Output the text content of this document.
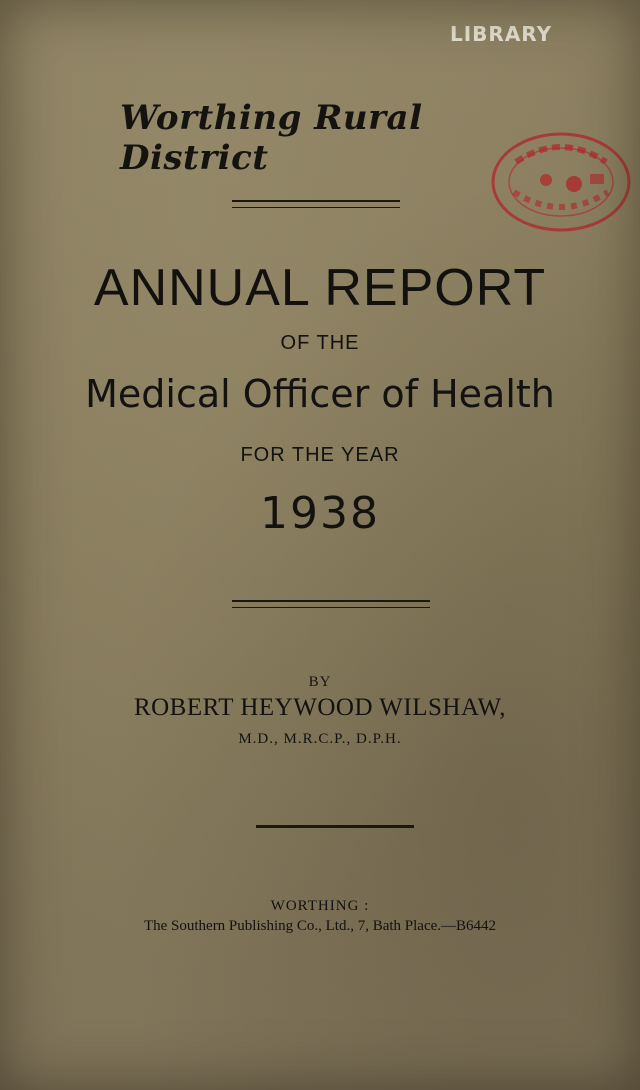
LIBRARY
Worthing Rural District
ANNUAL REPORT
OF THE
Medical Officer of Health
FOR THE YEAR
1938
BY
ROBERT HEYWOOD WILSHAW,
M.D., M.R.C.P., D.P.H.
WORTHING :
The Southern Publishing Co., Ltd., 7, Bath Place.—B6442
